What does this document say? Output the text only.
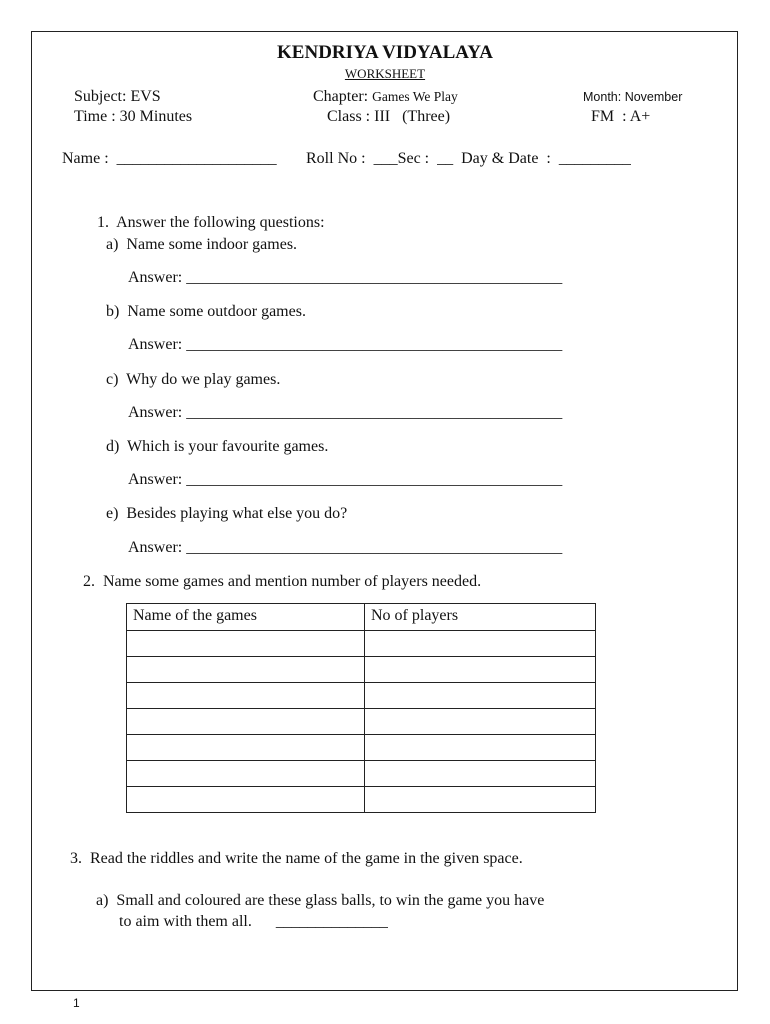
KENDRIYA VIDYALAYA
WORKSHEET
Subject: EVS
Time : 30 Minutes
Chapter: Games We Play
Class : III   (Three)
Month: November
FM  : A+
Name :  ____________________ Roll No :  ___Sec :  __  Day & Date  :  _________
1.  Answer the following questions:
a)  Name some indoor games.
Answer: _______________________________________________
b)  Name some outdoor games.
Answer: _______________________________________________
c)  Why do we play games.
Answer: _______________________________________________
d)  Which is your favourite games.
Answer: _______________________________________________
e)  Besides playing what else you do?
Answer: _______________________________________________
2.  Name some games and mention number of players needed.
Name of the games	No of players

3.  Read the riddles and write the name of the game in the given space.
a)  Small and coloured are these glass balls, to win the game you have
to aim with them all.      ______________
1
